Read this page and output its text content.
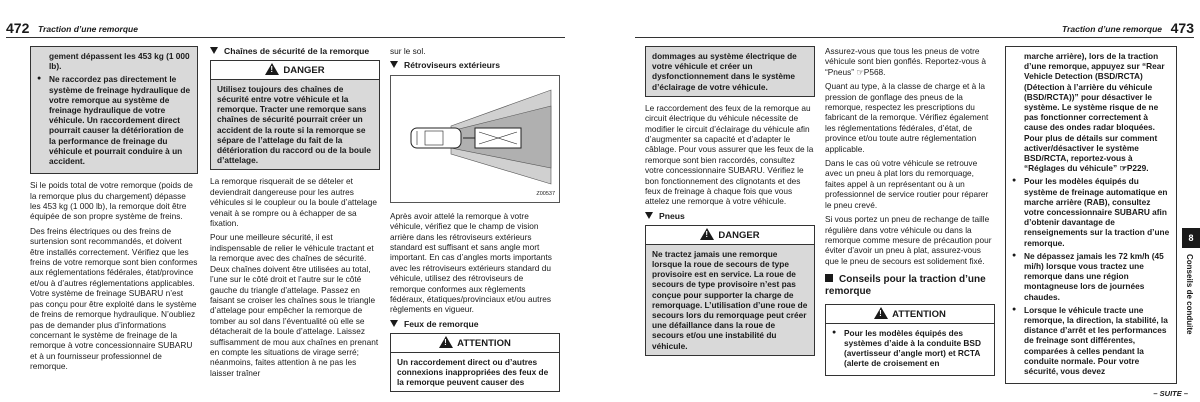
472 Traction d’une remorque
gement dépassent les 453 kg (1 000 lb).
● Ne raccordez pas directement le système de freinage hydraulique de votre remorque au système de freinage hydraulique de votre véhicule. Un raccordement direct pourrait causer la détérioration de la performance de freinage du véhicule et pourrait conduire à un accident.

Si le poids total de votre remorque (poids de la remorque plus du chargement) dépasse les 453 kg (1 000 lb), la remorque doit être équipée de son propre système de freins.

Des freins électriques ou des freins de surtension sont recommandés, et doivent être installés correctement. Vérifiez que les freins de votre remorque sont bien conformes aux réglementations fédérales, état/province et/ou à d’autres réglementations applicables. Votre système de freinage SUBARU n’est pas conçu pour être exploité dans le système de freins de remorque hydraulique. N’oubliez pas de demander plus d’informations concernant le système de freinage de la remorque à votre concessionnaire SUBARU et à un fournisseur professionnel de remorque.

Chaînes de sécurité de la remorque
! DANGER
Utilisez toujours des chaînes de sécurité entre votre véhicule et la remorque. Tracter une remorque sans chaînes de sécurité pourrait créer un accident de la route si la remorque se sépare de l’attelage du fait de la détérioration du raccord ou de la boule d’attelage.

La remorque risquerait de se dételer et deviendrait dangereuse pour les autres véhicules si le coupleur ou la boule d’attelage venait à se rompre ou à échapper de sa fixation.

Pour une meilleure sécurité, il est indispensable de relier le véhicule tractant et la remorque avec des chaînes de sécurité. Deux chaînes doivent être utilisées au total, l’une sur le côté droit et l’autre sur le côté gauche du triangle d’attelage. Passez en faisant se croiser les chaînes sous le triangle d’attelage pour empêcher la remorque de tomber au sol dans l’éventualité où elle se détacherait de la boule d’attelage. Laissez suffisamment de mou aux chaînes en prenant en compte les situations de virage serré; néanmoins, faites attention à ne pas les laisser traîner

sur le sol.

Rétroviseurs extérieurs
Z00537

Après avoir attelé la remorque à votre véhicule, vérifiez que le champ de vision arrière dans les rétroviseurs extérieurs standard est suffisant et sans angle mort important. En cas d’angles morts importants avec les rétroviseurs extérieurs standard du véhicule, utilisez des rétroviseurs de remorque conformes aux règlements fédéraux, étatiques/provinciaux et/ou autres règlements en vigueur.

Feux de remorque
! ATTENTION
Un raccordement direct ou d’autres connexions inappropriées des feux de la remorque peuvent causer des
Traction d’une remorque 473
dommages au système électrique de votre véhicule et créer un dysfonctionnement dans le système d’éclairage de votre véhicule.

Le raccordement des feux de la remorque au circuit électrique du véhicule nécessite de modifier le circuit d’éclairage du véhicule afin d’augmenter sa capacité et d’adapter le câblage. Pour vous assurer que les feux de la remorque sont bien raccordés, consultez votre concessionnaire SUBARU. Vérifiez le bon fonctionnement des clignotants et des feux de freinage à chaque fois que vous attelez une remorque à votre véhicule.

Pneus
! DANGER
Ne tractez jamais une remorque lorsque la roue de secours de type provisoire est en service. La roue de secours de type provisoire n’est pas conçue pour supporter la charge de remorquage. L’utilisation d’une roue de secours lors du remorquage peut créer une défaillance dans la roue de secours et/ou une instabilité du véhicule.

Assurez-vous que tous les pneus de votre véhicule sont bien gonflés. Reportez-vous à “Pneus” ☞P568.

Quant au type, à la classe de charge et à la pression de gonflage des pneus de la remorque, respectez les prescriptions du fabricant de la remorque. Vérifiez également les réglementations fédérales, d’état, de province et/ou toute autre réglementation applicable.

Dans le cas où votre véhicule se retrouve avec un pneu à plat lors du remorquage, faites appel à un représentant ou à un professionnel de service routier pour réparer le pneu crevé.

Si vous portez un pneu de rechange de taille régulière dans votre véhicule ou dans la remorque comme mesure de précaution pour éviter d’avoir un pneu à plat, assurez-vous que le pneu de secours est solidement fixé.

Conseils pour la traction d’une remorque
! ATTENTION
● Pour les modèles équipés des systèmes d’aide à la conduite BSD (avertisseur d’angle mort) et RCTA (alerte de croisement en
marche arrière), lors de la traction d’une remorque, appuyez sur “Rear Vehicle Detection (BSD/RCTA) (Détection à l’arrière du véhicule (BSD/RCTA))” pour désactiver le système. Le système risque de ne pas fonctionner correctement à cause des ondes radar bloquées. Pour plus de détails sur comment activer/désactiver le système BSD/RCTA, reportez-vous à “Réglages du véhicule” ☞P229.
● Pour les modèles équipés du système de freinage automatique en marche arrière (RAB), consultez votre concessionnaire SUBARU afin d’obtenir davantage de renseignements sur la traction d’une remorque.
● Ne dépassez jamais les 72 km/h (45 mi/h) lorsque vous tractez une remorque dans une région montagneuse lors de journées chaudes.
● Lorsque le véhicule tracte une remorque, la direction, la stabilité, la distance d’arrêt et les performances de freinage sont différentes, comparées à celles pendant la conduite normale. Pour votre sécurité, vous devez
8
Conseils de conduite
– SUITE –
